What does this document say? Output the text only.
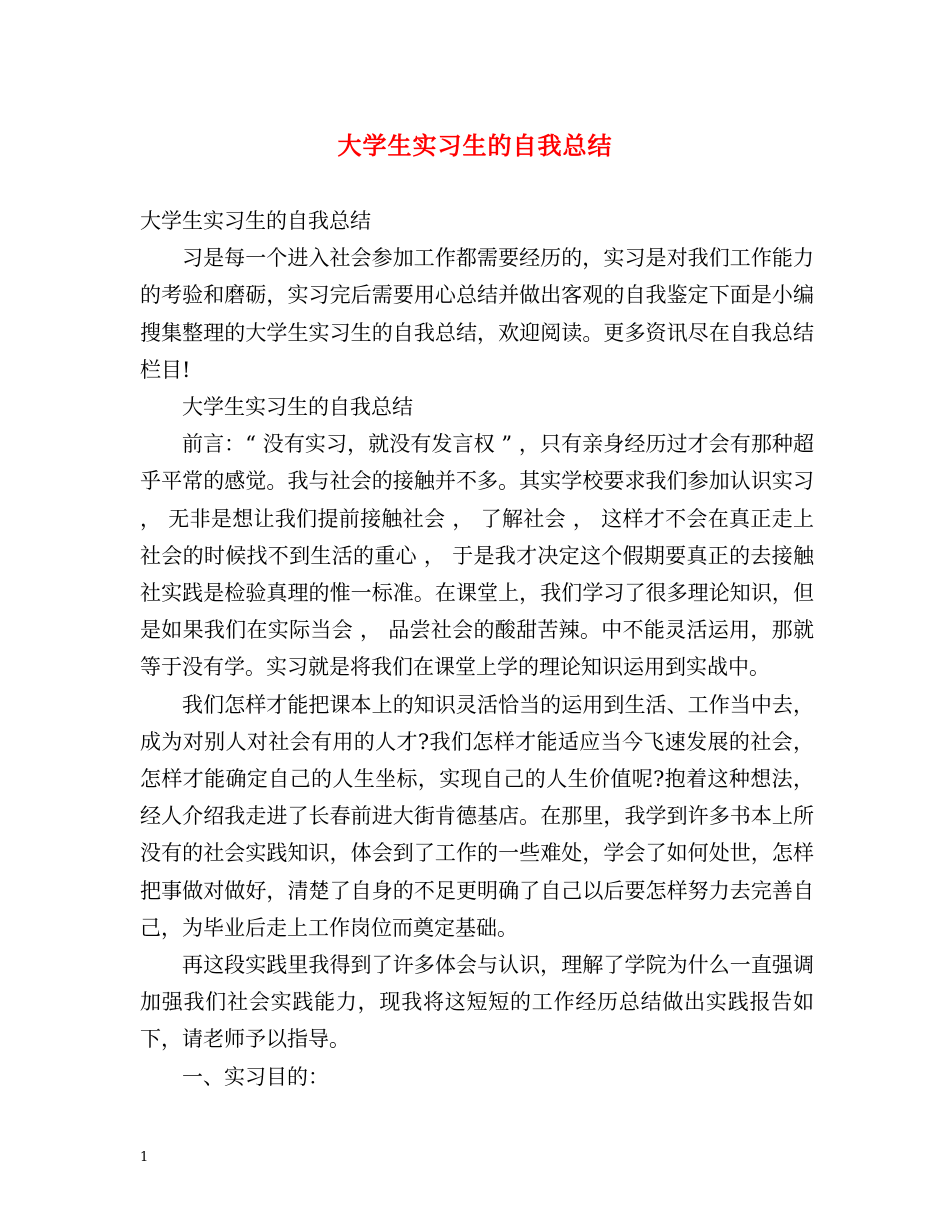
大学生实习生的自我总结

大学生实习生的自我总结

习是每一个进入社会参加工作都需要经历的，实习是对我们工作能力的考验和磨砺，实习完后需要用心总结并做出客观的自我鉴定下面是小编搜集整理的大学生实习生的自我总结，欢迎阅读。更多资讯尽在自我总结栏目!

大学生实习生的自我总结

前言：“ 没有实习，就没有发言权 ” ，只有亲身经历过才会有那种超乎平常的感觉。我与社会的接触并不多。其实学校要求我们参加认识实习 ， 无非是想让我们提前接触社会 ， 了解社会 ， 这样才不会在真正走上社会的时候找不到生活的重心 ， 于是我才决定这个假期要真正的去接触社实践是检验真理的惟一标准。在课堂上，我们学习了很多理论知识，但是如果我们在实际当会 ， 品尝社会的酸甜苦辣。中不能灵活运用，那就等于没有学。实习就是将我们在课堂上学的理论知识运用到实战中。

我们怎样才能把课本上的知识灵活恰当的运用到生活、工作当中去，成为对别人对社会有用的人才?我们怎样才能适应当今飞速发展的社会，怎样才能确定自己的人生坐标，实现自己的人生价值呢?抱着这种想法，经人介绍我走进了长春前进大街肯德基店。在那里，我学到许多书本上所没有的社会实践知识，体会到了工作的一些难处，学会了如何处世，怎样把事做对做好，清楚了自身的不足更明确了自己以后要怎样努力去完善自己，为毕业后走上工作岗位而奠定基础。

再这段实践里我得到了许多体会与认识，理解了学院为什么一直强调加强我们社会实践能力，现我将这短短的工作经历总结做出实践报告如下，请老师予以指导。

一、实习目的：

1
